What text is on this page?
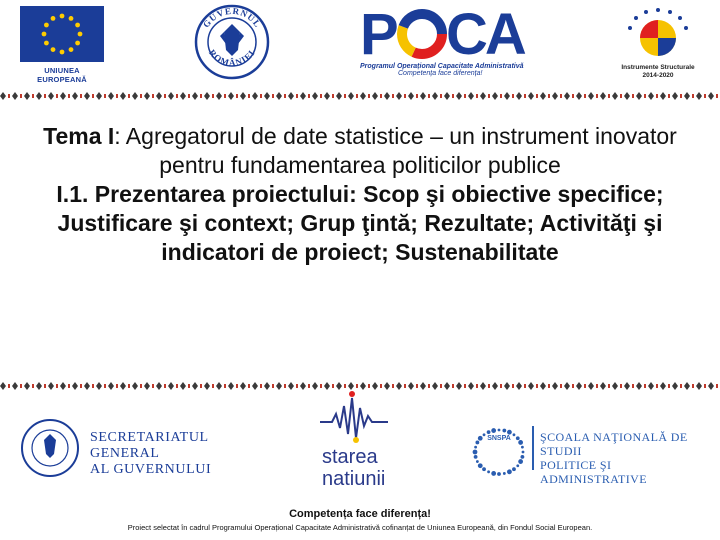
UNIUNEA EUROPEANĂ
GUVERNUL
ROMÂNIEI P CA
Programul Operațional Capacitate Administrativă
Competența face diferența!
Instrumente Structurale
2014-2020
Tema I: Agregatorul de date statistice – un instrument inovator pentru fundamentarea politicilor publice
I.1. Prezentarea proiectului: Scop şi obiective specifice; Justificare şi context; Grup ţintă; Rezultate; Activităţi şi indicatori de proiect; Sustenabilitate
SECRETARIATUL GENERAL
AL GUVERNULUI
starea
natiunii
SNSPA ŞCOALA NAŢIONALĂ DE STUDII
POLITICE ŞI ADMINISTRATIVE
Competența face diferența!
Proiect selectat în cadrul Programului Operațional Capacitate Administrativă cofinanțat de Uniunea Europeană, din Fondul Social European.
